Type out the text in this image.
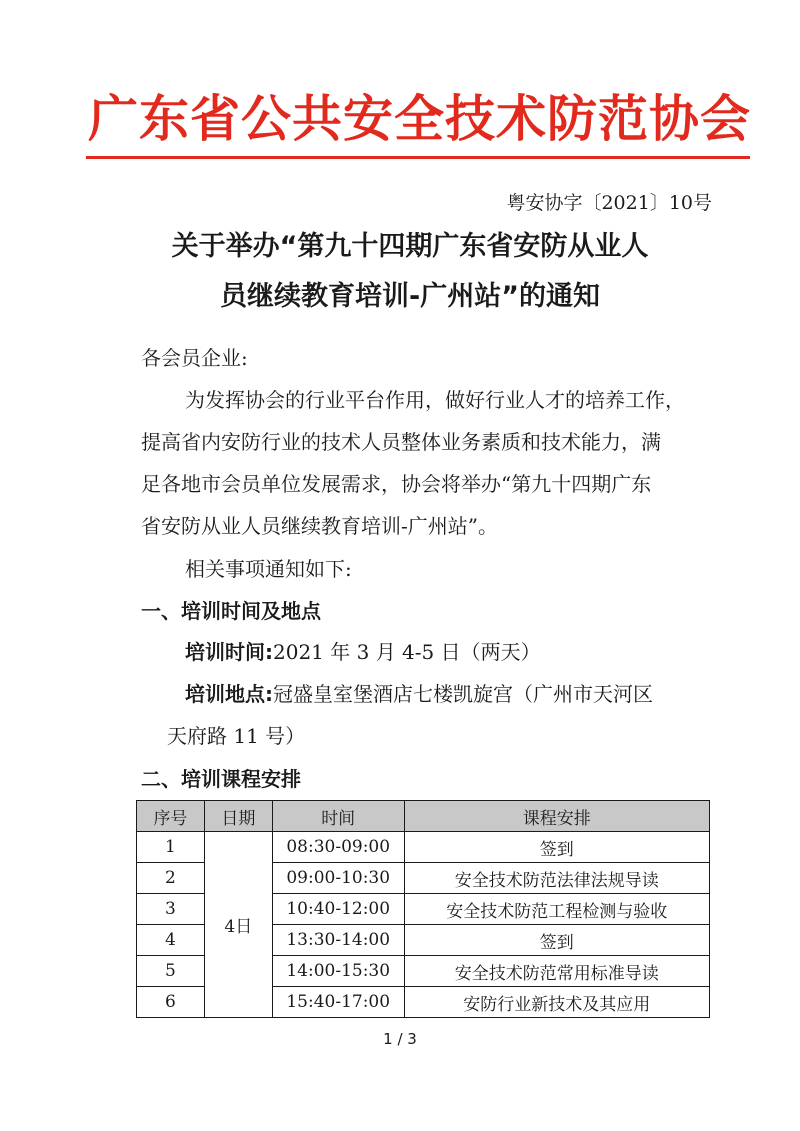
广东省公共安全技术防范协会
粤安协字〔2021〕10号
关于举办“第九十四期广东省安防从业人
员继续教育培训-广州站”的通知
各会员企业:
为发挥协会的行业平台作用，做好行业人才的培养工作，
提高省内安防行业的技术人员整体业务素质和技术能力，满
足各地市会员单位发展需求，协会将举办“第九十四期广东
省安防从业人员继续教育培训-广州站”。
相关事项通知如下:
一、培训时间及地点
培训时间:2021 年 3 月 4-5 日（两天）
培训地点:冠盛皇室堡酒店七楼凯旋宫（广州市天河区
天府路 11 号）
二、培训课程安排
序号	日期	时间	课程安排
1	4日	08:30-09:00	签到
2		09:00-10:30	安全技术防范法律法规导读
3		10:40-12:00	安全技术防范工程检测与验收
4		13:30-14:00	签到
5		14:00-15:30	安全技术防范常用标准导读
6		15:40-17:00	安防行业新技术及其应用
1 / 3
